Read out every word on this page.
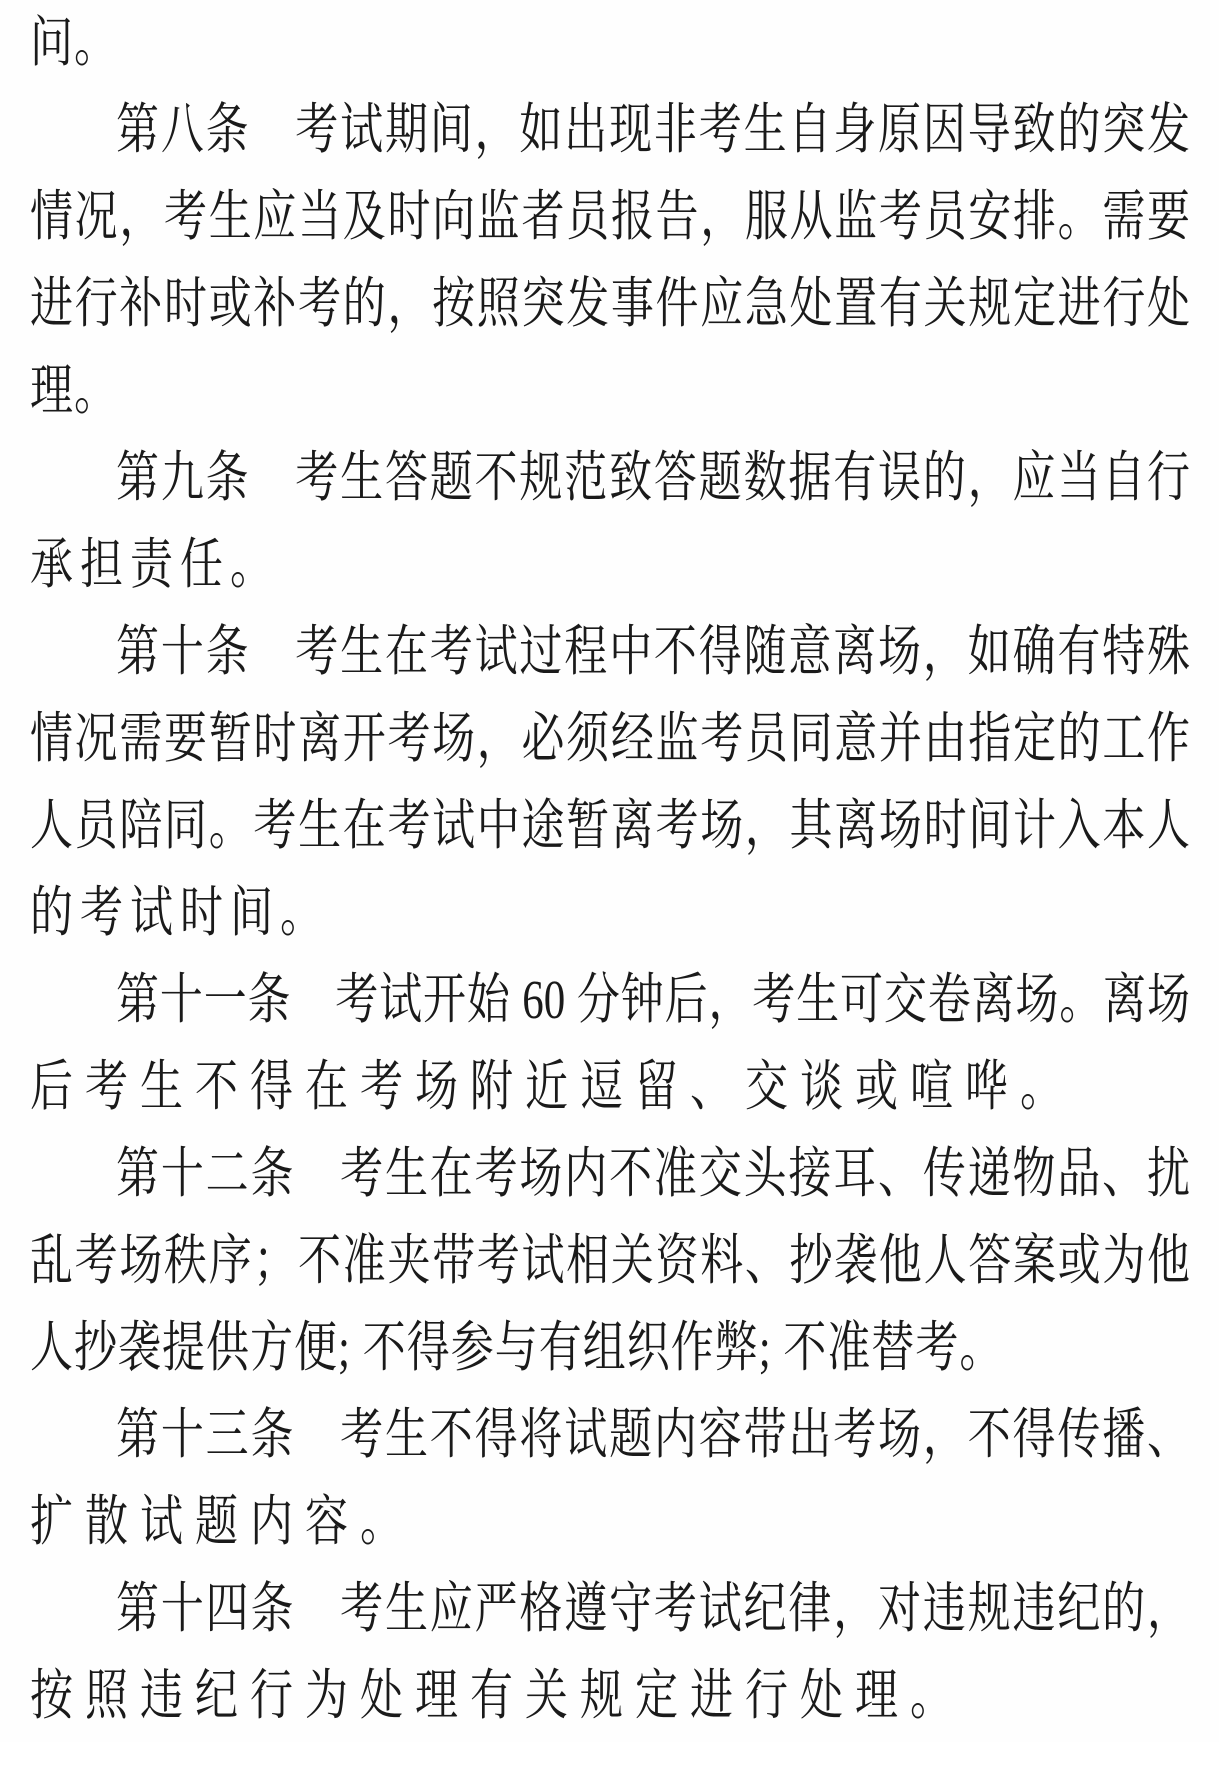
问。
第八条　考试期间，如出现非考生自身原因导致的突发
情况，考生应当及时向监者员报告，服从监考员安排。需要
进行补时或补考的，按照突发事件应急处置有关规定进行处
理。
第九条　考生答题不规范致答题数据有误的，应当自行
承担责任。
第十条　考生在考试过程中不得随意离场，如确有特殊
情况需要暂时离开考场，必须经监考员同意并由指定的工作
人员陪同。考生在考试中途暂离考场，其离场时间计入本人
的考试时间。
第十一条　考试开始 60 分钟后，考生可交卷离场。离场
后考生不得在考场附近逗留、交谈或喧哗。
第十二条　考生在考场内不准交头接耳、传递物品、扰
乱考场秩序；不准夹带考试相关资料、抄袭他人答案或为他
人抄袭提供方便; 不得参与有组织作弊; 不准替考。
第十三条　考生不得将试题内容带出考场，不得传播、
扩散试题内容。
第十四条　考生应严格遵守考试纪律，对违规违纪的，
按照违纪行为处理有关规定进行处理。
